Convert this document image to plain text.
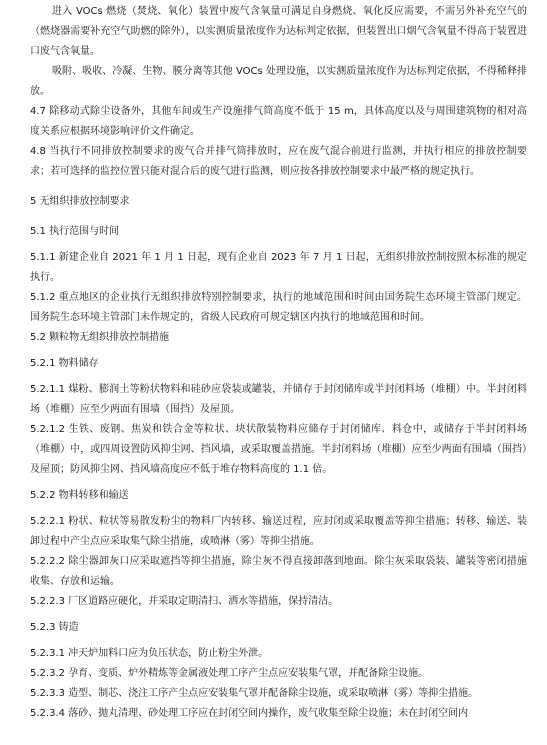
进入 VOCs 燃烧（焚烧、氧化）装置中废气含氧量可满足自身燃烧、氧化反应需要，不需另外补充空气的（燃烧器需要补充空气助燃的除外），以实测质量浓度作为达标判定依据，但装置出口烟气含氧量不得高于装置进口废气含氧量。

吸附、吸收、冷凝、生物、膜分离等其他 VOCs 处理设施，以实测质量浓度作为达标判定依据，不得稀释排放。

4.7 除移动式除尘设备外，其他车间或生产设施排气筒高度不低于 15 m，具体高度以及与周围建筑物的相对高度关系应根据环境影响评价文件确定。

4.8 当执行不同排放控制要求的废气合并排气筒排放时，应在废气混合前进行监测，并执行相应的排放控制要求；若可选择的监控位置只能对混合后的废气进行监测，则应按各排放控制要求中最严格的规定执行。

5 无组织排放控制要求

5.1 执行范围与时间

5.1.1 新建企业自 2021 年 1 月 1 日起，现有企业自 2023 年 7 月 1 日起，无组织排放控制按照本标准的规定执行。

5.1.2 重点地区的企业执行无组织排放特别控制要求，执行的地域范围和时间由国务院生态环境主管部门规定。国务院生态环境主管部门未作规定的，省级人民政府可规定辖区内执行的地域范围和时间。

5.2 颗粒物无组织排放控制措施

5.2.1 物料储存

5.2.1.1 煤粉、膨润土等粉状物料和硅砂应袋装或罐装，并储存于封闭储库或半封闭料场（堆棚）中。半封闭料场（堆棚）应至少两面有围墙（围挡）及屋顶。

5.2.1.2 生铁、废钢、焦炭和铁合金等粒状、块状散装物料应储存于封闭储库、料仓中，或储存于半封闭料场（堆棚）中，或四周设置防风抑尘网、挡风墙，或采取覆盖措施。半封闭料场（堆棚）应至少两面有围墙（围挡）及屋顶；防风抑尘网、挡风墙高度应不低于堆存物料高度的 1.1 倍。

5.2.2 物料转移和输送

5.2.2.1 粉状、粒状等易散发粉尘的物料厂内转移、输送过程，应封闭或采取覆盖等抑尘措施；转移、输送、装卸过程中产尘点应采取集气除尘措施，或喷淋（雾）等抑尘措施。

5.2.2.2 除尘器卸灰口应采取遮挡等抑尘措施，除尘灰不得直接卸落到地面。除尘灰采取袋装、罐装等密闭措施收集、存放和运输。

5.2.2.3 厂区道路应硬化，并采取定期清扫、洒水等措施，保持清洁。

5.2.3 铸造

5.2.3.1 冲天炉加料口应为负压状态，防止粉尘外泄。

5.2.3.2 孕育、变质、炉外精炼等金属液处理工序产尘点应安装集气罩，并配备除尘设施。

5.2.3.3 造型、制芯、浇注工序产尘点应安装集气罩并配备除尘设施，或采取喷淋（雾）等抑尘措施。

5.2.3.4 落砂、抛丸清理、砂处理工序应在封闭空间内操作，废气收集至除尘设施；未在封闭空间内
